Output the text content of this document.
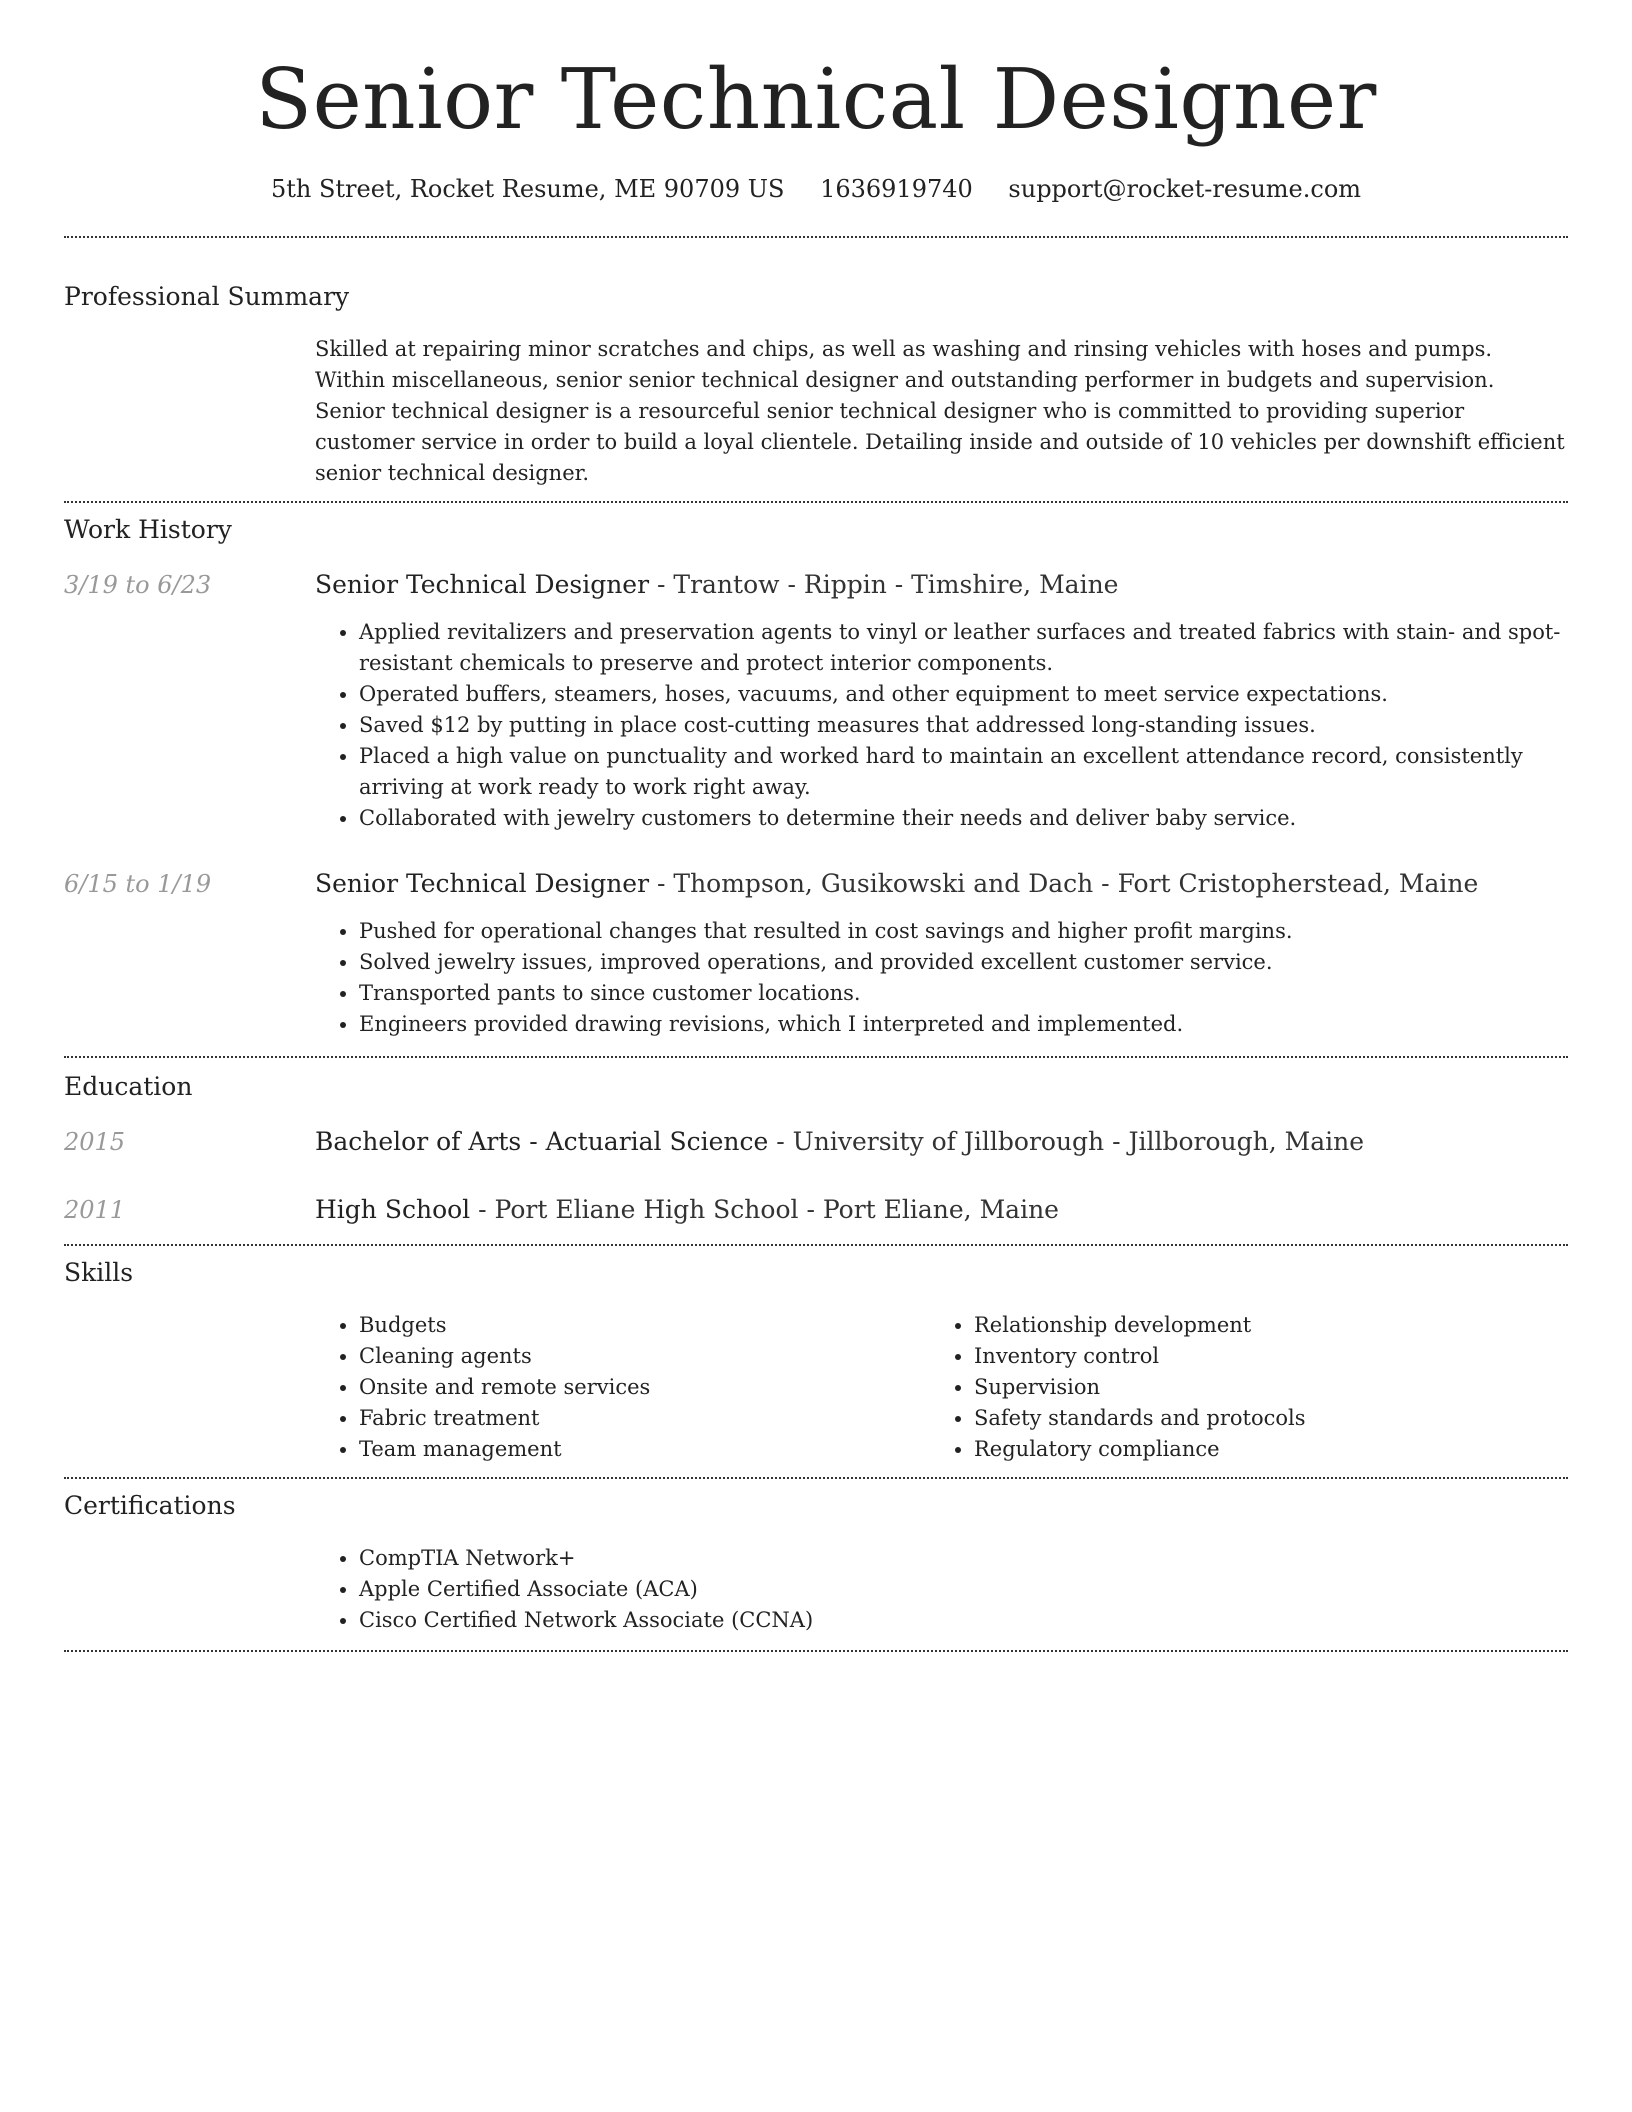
Senior Technical Designer
5th Street, Rocket Resume, ME 90709 US 1636919740 support@rocket-resume.com
Professional Summary

Skilled at repairing minor scratches and chips, as well as washing and rinsing vehicles with hoses and pumps. Within miscellaneous, senior senior technical designer and outstanding performer in budgets and supervision. Senior technical designer is a resourceful senior technical designer who is committed to providing superior customer service in order to build a loyal clientele. Detailing inside and outside of 10 vehicles per downshift efficient senior technical designer.

Work History
3/19 to 6/23	Senior Technical Designer - Trantow - Rippin - Timshire, Maine
• Applied revitalizers and preservation agents to vinyl or leather surfaces and treated fabrics with stain- and spot-resistant chemicals to preserve and protect interior components.
• Operated buffers, steamers, hoses, vacuums, and other equipment to meet service expectations.
• Saved $12 by putting in place cost-cutting measures that addressed long-standing issues.
• Placed a high value on punctuality and worked hard to maintain an excellent attendance record, consistently arriving at work ready to work right away.
• Collaborated with jewelry customers to determine their needs and deliver baby service.
6/15 to 1/19	Senior Technical Designer - Thompson, Gusikowski and Dach - Fort Cristopherstead, Maine
• Pushed for operational changes that resulted in cost savings and higher profit margins.
• Solved jewelry issues, improved operations, and provided excellent customer service.
• Transported pants to since customer locations.
• Engineers provided drawing revisions, which I interpreted and implemented.
Education
2015	Bachelor of Arts - Actuarial Science - University of Jillborough - Jillborough, Maine
2011	High School - Port Eliane High School - Port Eliane, Maine
Skills
• Budgets
• Cleaning agents
• Onsite and remote services
• Fabric treatment
• Team management
• Relationship development
• Inventory control
• Supervision
• Safety standards and protocols
• Regulatory compliance
Certifications
• CompTIA Network+
• Apple Certified Associate (ACA)
• Cisco Certified Network Associate (CCNA)
